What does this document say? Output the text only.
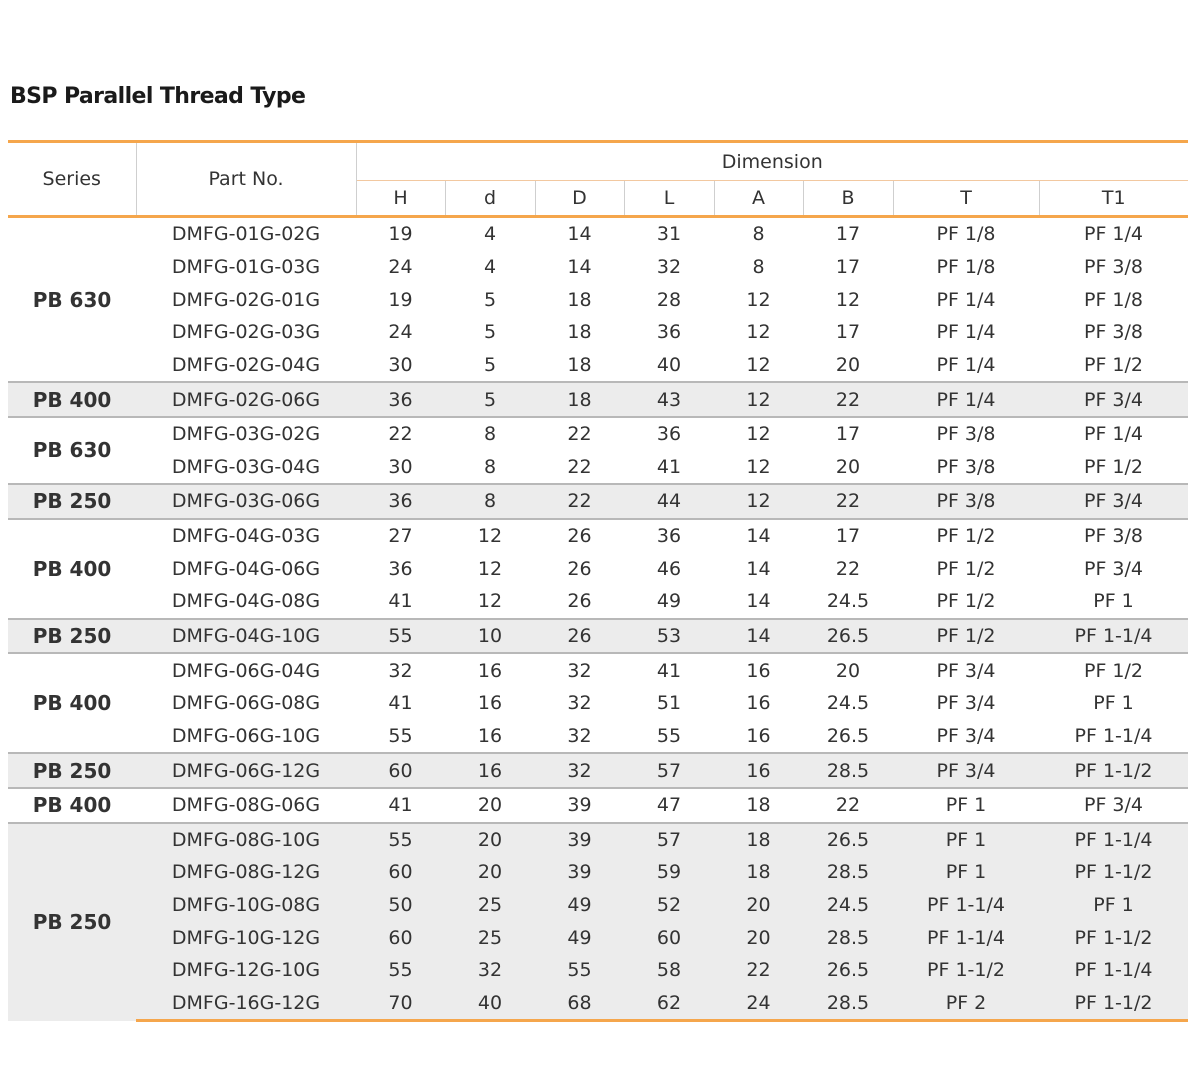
BSP Parallel Thread Type
Series	Part No.	Dimension							
		H	d	D	L	A	B	T	T1
PB 630	DMFG-01G-02G	19	4	14	31	8	17	PF 1/8	PF 1/4
	DMFG-01G-03G	24	4	14	32	8	17	PF 1/8	PF 3/8
	DMFG-02G-01G	19	5	18	28	12	12	PF 1/4	PF 1/8
	DMFG-02G-03G	24	5	18	36	12	17	PF 1/4	PF 3/8
	DMFG-02G-04G	30	5	18	40	12	20	PF 1/4	PF 1/2
PB 400	DMFG-02G-06G	36	5	18	43	12	22	PF 1/4	PF 3/4
PB 630	DMFG-03G-02G	22	8	22	36	12	17	PF 3/8	PF 1/4
	DMFG-03G-04G	30	8	22	41	12	20	PF 3/8	PF 1/2
PB 250	DMFG-03G-06G	36	8	22	44	12	22	PF 3/8	PF 3/4
PB 400	DMFG-04G-03G	27	12	26	36	14	17	PF 1/2	PF 3/8
	DMFG-04G-06G	36	12	26	46	14	22	PF 1/2	PF 3/4
	DMFG-04G-08G	41	12	26	49	14	24.5	PF 1/2	PF 1
PB 250	DMFG-04G-10G	55	10	26	53	14	26.5	PF 1/2	PF 1-1/4
PB 400	DMFG-06G-04G	32	16	32	41	16	20	PF 3/4	PF 1/2
	DMFG-06G-08G	41	16	32	51	16	24.5	PF 3/4	PF 1
	DMFG-06G-10G	55	16	32	55	16	26.5	PF 3/4	PF 1-1/4
PB 250	DMFG-06G-12G	60	16	32	57	16	28.5	PF 3/4	PF 1-1/2
PB 400	DMFG-08G-06G	41	20	39	47	18	22	PF 1	PF 3/4
PB 250	DMFG-08G-10G	55	20	39	57	18	26.5	PF 1	PF 1-1/4
	DMFG-08G-12G	60	20	39	59	18	28.5	PF 1	PF 1-1/2
	DMFG-10G-08G	50	25	49	52	20	24.5	PF 1-1/4	PF 1
	DMFG-10G-12G	60	25	49	60	20	28.5	PF 1-1/4	PF 1-1/2
	DMFG-12G-10G	55	32	55	58	22	26.5	PF 1-1/2	PF 1-1/4
	DMFG-16G-12G	70	40	68	62	24	28.5	PF 2	PF 1-1/2
